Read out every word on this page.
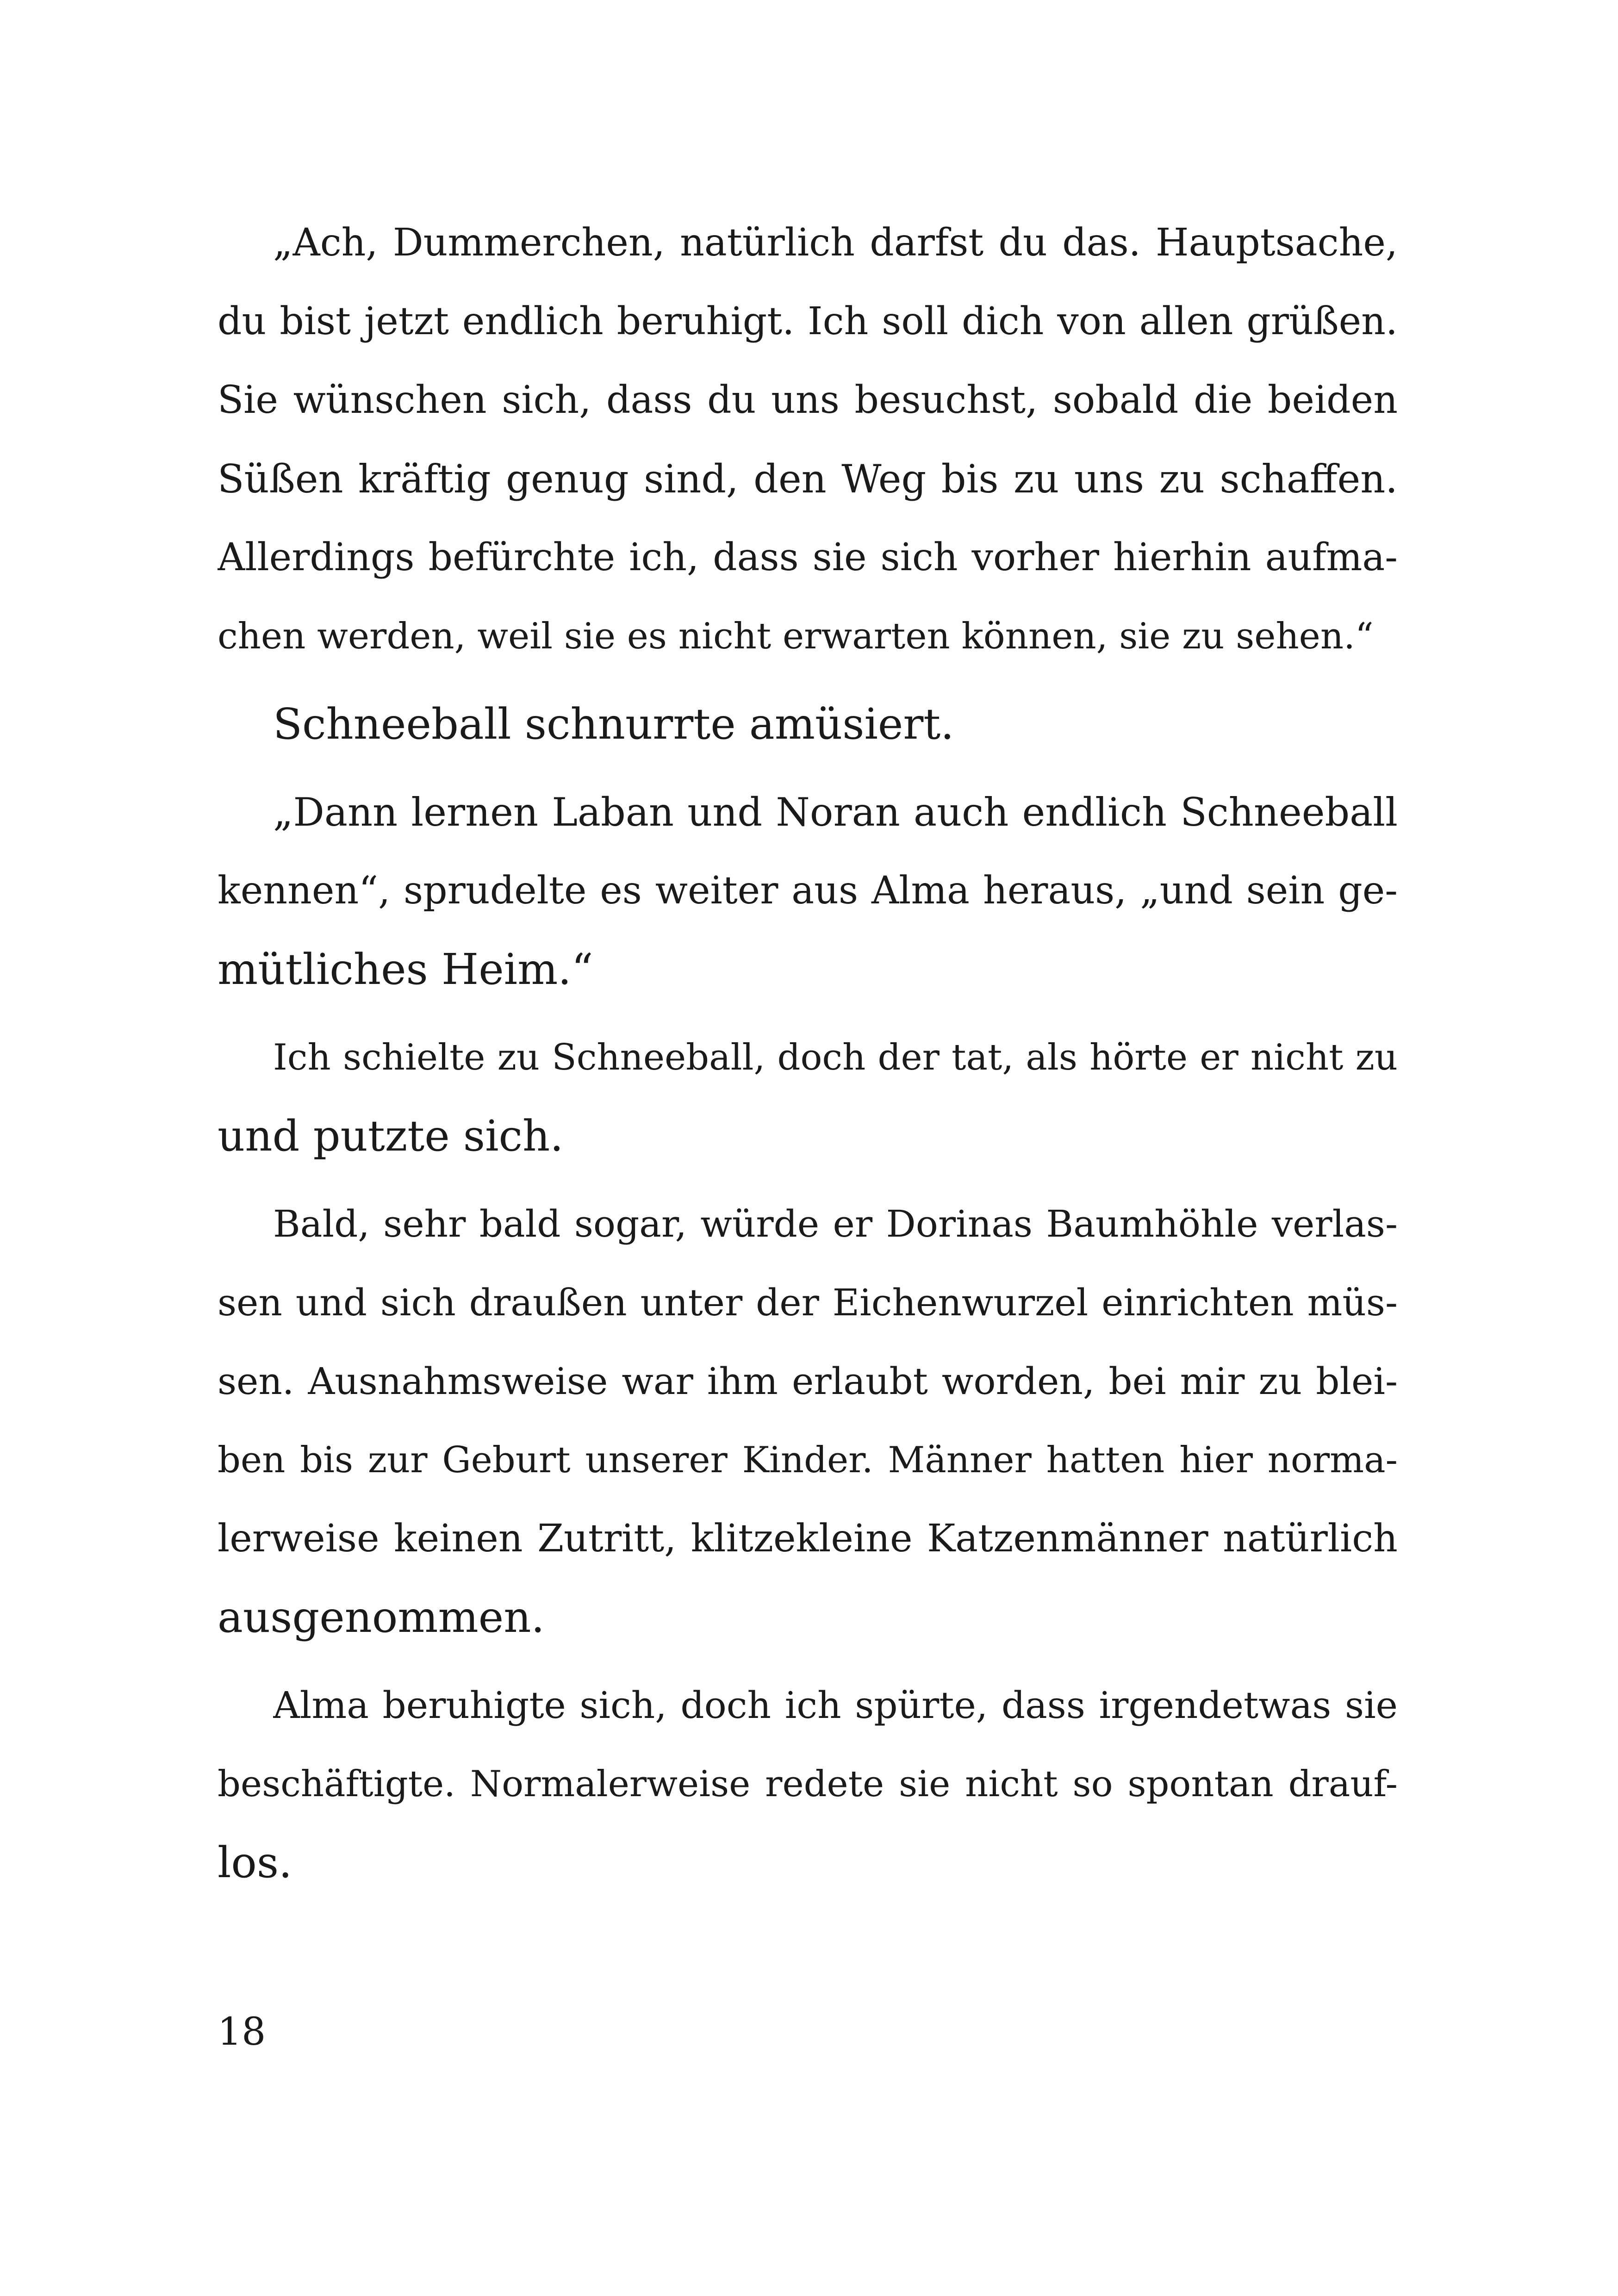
„Ach, Dummerchen, natürlich darfst du das. Hauptsache,
du bist jetzt endlich beruhigt. Ich soll dich von allen grüßen.
Sie wünschen sich, dass du uns besuchst, sobald die beiden
Süßen kräftig genug sind, den Weg bis zu uns zu schaffen.
Allerdings befürchte ich, dass sie sich vorher hierhin aufma-
chen werden, weil sie es nicht erwarten können, sie zu sehen.“
Schneeball schnurrte amüsiert.
„Dann lernen Laban und Noran auch endlich Schneeball
kennen“, sprudelte es weiter aus Alma heraus, „und sein ge-
mütliches Heim.“
Ich schielte zu Schneeball, doch der tat, als hörte er nicht zu
und putzte sich.
Bald, sehr bald sogar, würde er Dorinas Baumhöhle verlas-
sen und sich draußen unter der Eichenwurzel einrichten müs-
sen. Ausnahmsweise war ihm erlaubt worden, bei mir zu blei-
ben bis zur Geburt unserer Kinder. Männer hatten hier norma-
lerweise keinen Zutritt, klitzekleine Katzenmänner natürlich
ausgenommen.
Alma beruhigte sich, doch ich spürte, dass irgendetwas sie
beschäftigte. Normalerweise redete sie nicht so spontan drauf-
los.
18
